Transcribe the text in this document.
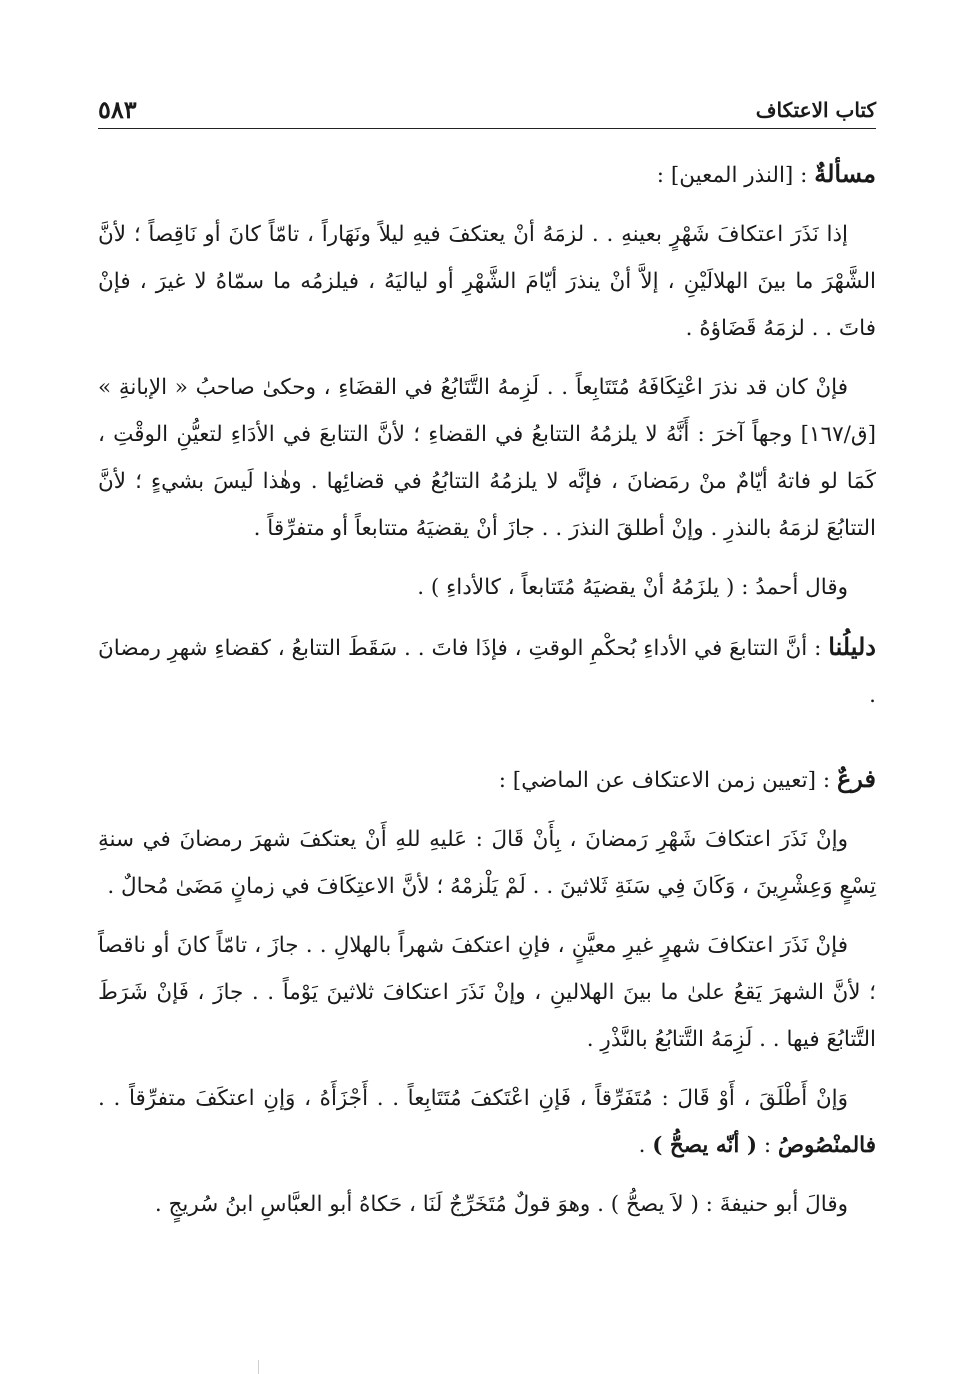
كتاب الاعتكاف
٥٨٣

مسألةٌ : [النذر المعين] :

إذا نَذَرَ اعتكافَ شَهْرٍ بعينهِ . . لزمَهُ أنْ يعتكفَ فيهِ ليلاً ونَهَاراً ، تامّاً كانَ أو نَاقِصاً ؛ لأنَّ الشَّهْرَ ما بينَ الهلالَيْنِ ، إلاَّ أنْ ينذرَ أيّامَ الشَّهْرِ أو لياليَهُ ، فيلزمُه ما سمّاهُ لا غيرَ ، فإنْ فاتَ . . لزمَهُ قَضَاؤهُ .

فإنْ كان قد نذرَ اعْتِكَافَهُ مُتَتَابِعاً . . لَزِمهُ التَّتَابُعُ في القضَاءِ ، وحكىٰ صاحبُ « الإبانةِ » [ق/١٦٧] وجهاً آخرَ : أَنَّهُ لا يلزمُهُ التتابعُ في القضاءِ ؛ لأنَّ التتابعَ في الأدَاءِ لتعيُّنِ الوقْتِ ، كَمَا لو فاتهُ أيّامٌ منْ رمَضانَ ، فإنَّه لا يلزمُهُ التتابُعُ في قضائِها . وهٰذا لَيسَ بشيءٍ ؛ لأنَّ التتابُعَ لزمَهُ بالنذرِ . وإنْ أطلقَ النذرَ . . جازَ أنْ يقضيَهُ متتابعاً أو متفرِّقاً .

وقال أحمدُ : ( يلزَمُهُ أنْ يقضيَهُ مُتَتابعاً ، كالأداءِ ) .

دليلُنا : أنَّ التتابعَ في الأداءِ بُحكْمِ الوقتِ ، فإذَا فاتَ . . سَقَطَ التتابعُ ، كقضاءِ شهرِ رمضانَ .

فرعٌ : [تعيين زمن الاعتكاف عن الماضي] :

وإنْ نَذَرَ اعتكافَ شَهْرِ رَمضانَ ، بِأَنْ قَالَ : عَليهِ للهِ أَنْ يعتكفَ شهرَ رمضانَ في سنةِ تِسْعٍ وَعِشْرِينَ ، وَكَانَ فِي سَنَةِ ثَلاثينَ . . لَمْ يَلْزمْهُ ؛ لأنَّ الاعتِكَافَ في زمانٍ مَضَىٰ مُحالٌ .

فإنْ نَذَرَ اعتكافَ شهرٍ غيرِ معيَّنٍ ، فإنِ اعتكفَ شهراً بالهلالِ . . جازَ ، تامّاً كانَ أو ناقصاً ؛ لأنَّ الشهرَ يَقعُ علىٰ ما بينَ الهلالينِ ، وإنْ نَذَرَ اعتكافَ ثلاثينَ يَوْماً . . جازَ ، فَإنْ شَرَطَ التَّتابُعَ فيها . . لَزِمَهُ التَّتابُعُ بالنَّذْرِ .

وَإنْ أَطْلَقَ ، أَوْ قَالَ : مُتَفَرِّقاً ، فَإنِ اعْتَكفَ مُتَتَابِعاً . . أَجْزَأَهُ ، وَإنِ اعتكَفَ متفرِّقاً . . فالمنْصُوصُ : ( أنّه يصحُّ ) .

وقالَ أبو حنيفةَ : ( لاَ يصحُّ ) . وهوَ قولٌ مُتَخَرِّجٌ لَنَا ، حَكاهُ أبو العبَّاسِ ابنُ سُريجٍ .
